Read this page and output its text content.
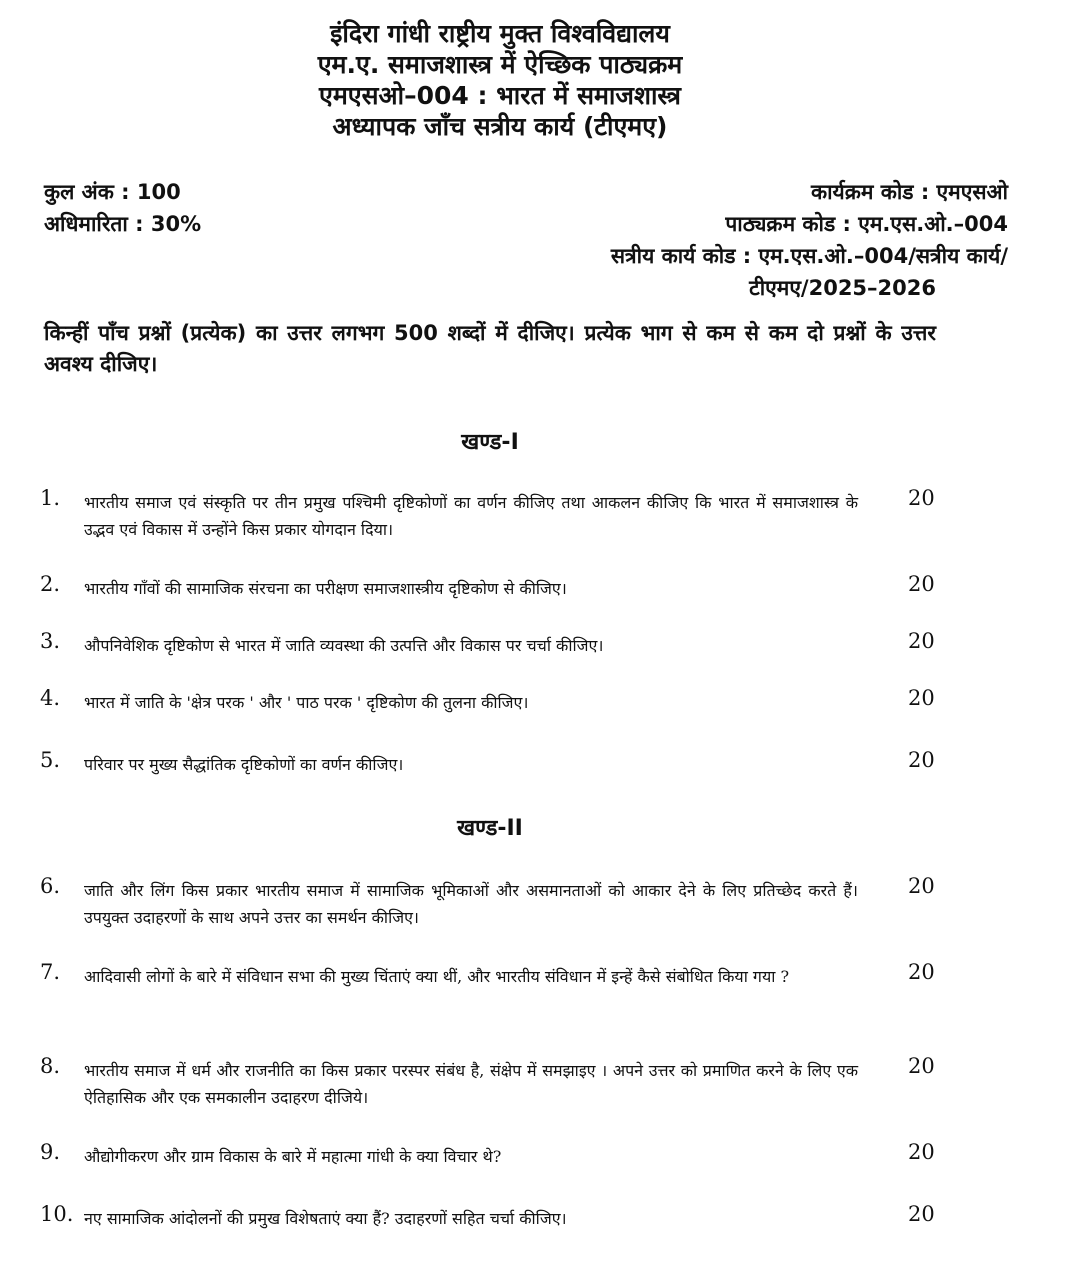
इंदिरा गांधी राष्ट्रीय मुक्त विश्वविद्यालय
एम.ए. समाजशास्त्र में ऐच्छिक पाठ्यक्रम
एमएसओ–004 : भारत में समाजशास्त्र
अध्यापक जाँच सत्रीय कार्य (टीएमए)
कुल अंक : 100
अधिमारिता : 30%
कार्यक्रम कोड : एमएसओ
पाठ्यक्रम कोड : एम.एस.ओ.–004
सत्रीय कार्य कोड : एम.एस.ओ.–004/सत्रीय कार्य/
टीएमए/2025–2026
किन्हीं पाँच प्रश्नों (प्रत्येक) का उत्तर लगभग 500 शब्दों में दीजिए। प्रत्येक भाग से कम से कम दो प्रश्नों के उत्तर अवश्य दीजिए।
खण्ड-I
1. भारतीय समाज एवं संस्कृति पर तीन प्रमुख पश्चिमी दृष्टिकोणों का वर्णन कीजिए तथा आकलन कीजिए कि भारत में समाजशास्त्र के उद्भव एवं विकास में उन्होंने किस प्रकार योगदान दिया।
20
2. भारतीय गाँवों की सामाजिक संरचना का परीक्षण समाजशास्त्रीय दृष्टिकोण से कीजिए।	20
3. औपनिवेशिक दृष्टिकोण से भारत में जाति व्यवस्था की उत्पत्ति और विकास पर चर्चा कीजिए।	20
4. भारत में जाति के 'क्षेत्र परक ' और ' पाठ परक ' दृष्टिकोण की तुलना कीजिए।	20
5. परिवार पर मुख्य सैद्धांतिक दृष्टिकोणों का वर्णन कीजिए।	20
खण्ड-II
6. जाति और लिंग किस प्रकार भारतीय समाज में सामाजिक भूमिकाओं और असमानताओं को आकार देने के लिए प्रतिच्छेद करते हैं। उपयुक्त उदाहरणों के साथ अपने उत्तर का समर्थन कीजिए।
20
7. आदिवासी लोगों के बारे में संविधान सभा की मुख्य चिंताएं क्या थीं, और भारतीय संविधान में इन्हें कैसे संबोधित किया गया ?	20
8. भारतीय समाज में धर्म और राजनीति का किस प्रकार परस्पर संबंध है, संक्षेप में समझाइए । अपने उत्तर को प्रमाणित करने के लिए एक ऐतिहासिक और एक समकालीन उदाहरण दीजिये।
20
9. औद्योगीकरण और ग्राम विकास के बारे में महात्मा गांधी के क्या विचार थे?	20
10. नए सामाजिक आंदोलनों की प्रमुख विशेषताएं क्या हैं? उदाहरणों सहित चर्चा कीजिए।	20
